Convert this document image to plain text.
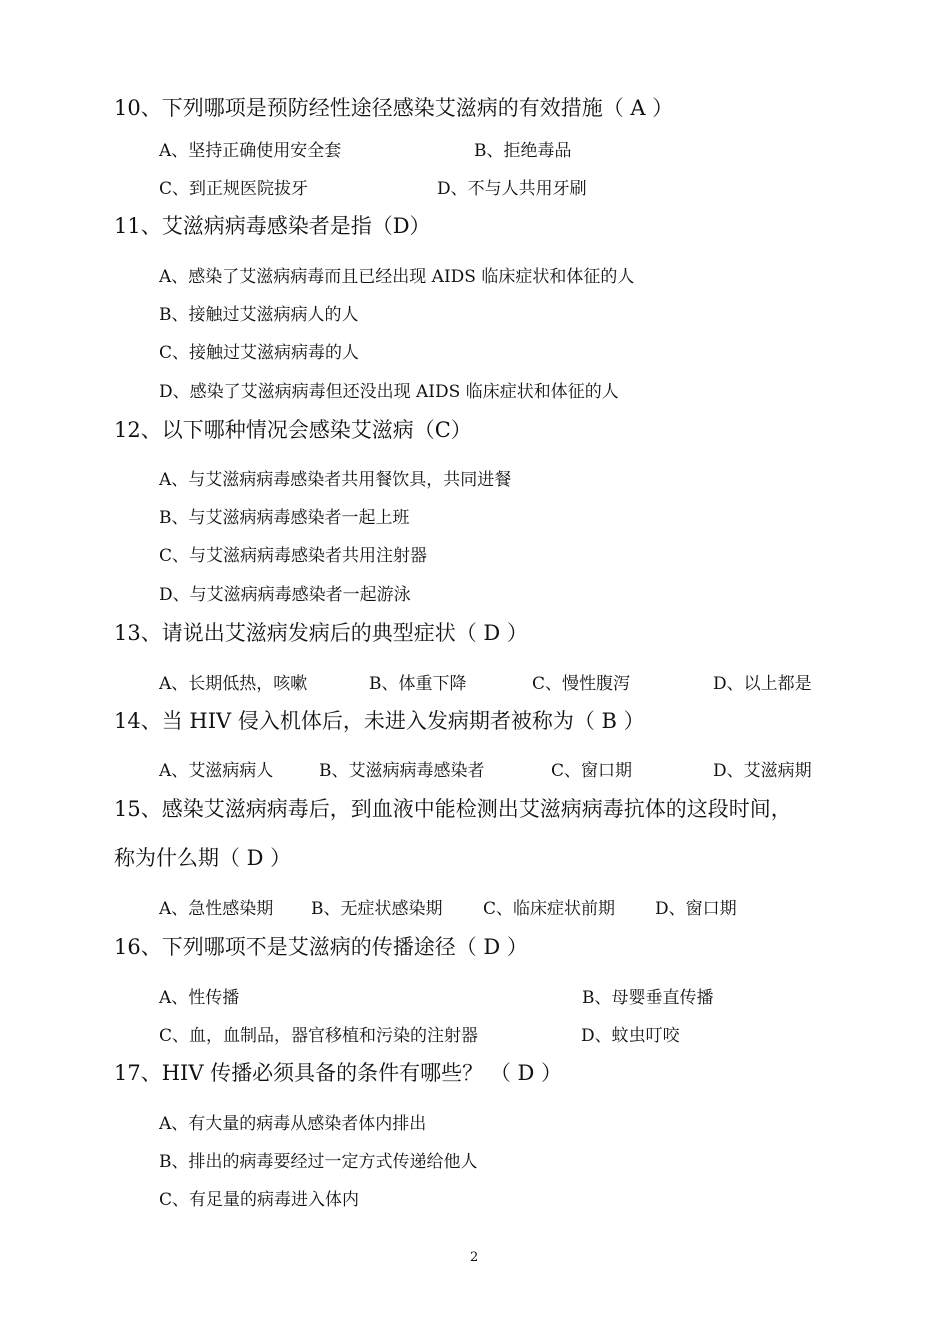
10、下列哪项是预防经性途径感染艾滋病的有效措施（ A ）
A、坚持正确使用安全套	B、拒绝毒品
C、到正规医院拔牙	D、不与人共用牙刷
11、艾滋病病毒感染者是指（D）
A、感染了艾滋病病毒而且已经出现 AIDS 临床症状和体征的人
B、接触过艾滋病病人的人
C、接触过艾滋病病毒的人
D、感染了艾滋病病毒但还没出现 AIDS 临床症状和体征的人
12、以下哪种情况会感染艾滋病（C）
A、与艾滋病病毒感染者共用餐饮具，共同进餐
B、与艾滋病病毒感染者一起上班
C、与艾滋病病毒感染者共用注射器
D、与艾滋病病毒感染者一起游泳
13、请说出艾滋病发病后的典型症状（ D ）
A、长期低热，咳嗽	B、体重下降	C、慢性腹泻	D、以上都是
14、当 HIV 侵入机体后，未进入发病期者被称为（ B ）
A、艾滋病病人	B、艾滋病病毒感染者	C、窗口期	D、艾滋病期
15、感染艾滋病病毒后，到血液中能检测出艾滋病病毒抗体的这段时间，
称为什么期（ D ）
A、急性感染期 B、无症状感染期 C、临床症状前期 D、窗口期
16、下列哪项不是艾滋病的传播途径（ D ）
A、性传播	B、母婴垂直传播
C、血，血制品，器官移植和污染的注射器	D、蚊虫叮咬
17、HIV 传播必须具备的条件有哪些？ （ D ）
A、有大量的病毒从感染者体内排出
B、排出的病毒要经过一定方式传递给他人
C、有足量的病毒进入体内
2
